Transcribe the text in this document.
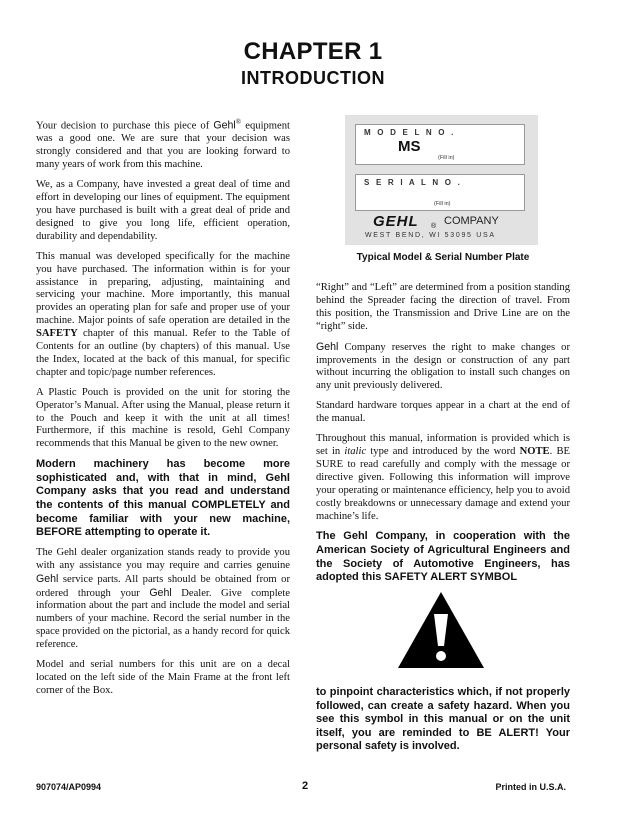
CHAPTER 1
INTRODUCTION

Your decision to purchase this piece of Gehl® equipment was a good one. We are sure that your decision was strongly considered and that you are looking forward to many years of work from this machine.

We, as a Company, have invested a great deal of time and effort in developing our lines of equipment. The equipment you have purchased is built with a great deal of pride and designed to give you long life, efficient operation, durability and dependability.

This manual was developed specifically for the machine you have purchased. The information within is for your assistance in preparing, adjusting, maintaining and servicing your machine. More importantly, this manual provides an operating plan for safe and proper use of your machine. Major points of safe operation are detailed in the SAFETY chapter of this manual. Refer to the Table of Contents for an outline (by chapters) of this manual. Use the Index, located at the back of this manual, for specific chapter and topic/page number references.

A Plastic Pouch is provided on the unit for storing the Operator’s Manual. After using the Manual, please return it to the Pouch and keep it with the unit at all times! Furthermore, if this machine is resold, Gehl Company recommends that this Manual be given to the new owner.

Modern machinery has become more sophisticated and, with that in mind, Gehl Company asks that you read and understand the contents of this manual COMPLETELY and become familiar with your new machine, BEFORE attempting to operate it.

The Gehl dealer organization stands ready to provide you with any assistance you may require and carries genuine Gehl service parts. All parts should be obtained from or ordered through your Gehl Dealer. Give complete information about the part and include the model and serial numbers of your machine. Record the serial number in the space provided on the pictorial, as a handy record for quick reference.

Model and serial numbers for this unit are on a decal located on the left side of the Main Frame at the front left corner of the Box.

M O D E L N O .
MS
(Fill in)
S E R I A L N O .
(Fill in)
GEHL ® COMPANY
WEST BEND, WI 53095 USA
Typical Model & Serial Number Plate

“Right” and “Left” are determined from a position standing behind the Spreader facing the direction of travel. From this position, the Transmission and Drive Line are on the “right” side.

Gehl Company reserves the right to make changes or improvements in the design or construction of any part without incurring the obligation to install such changes on any unit previously delivered.

Standard hardware torques appear in a chart at the end of the manual.

Throughout this manual, information is provided which is set in italic type and introduced by the word NOTE. BE SURE to read carefully and comply with the message or directive given. Following this information will improve your operating or maintenance efficiency, help you to avoid costly breakdowns or unnecessary damage and extend your machine’s life.

The Gehl Company, in cooperation with the American Society of Agricultural Engineers and the Society of Automotive Engineers, has adopted this SAFETY ALERT SYMBOL

to pinpoint characteristics which, if not properly followed, can create a safety hazard. When you see this symbol in this manual or on the unit itself, you are reminded to BE ALERT! Your personal safety is involved.
907074/AP0994	2	Printed in U.S.A.
